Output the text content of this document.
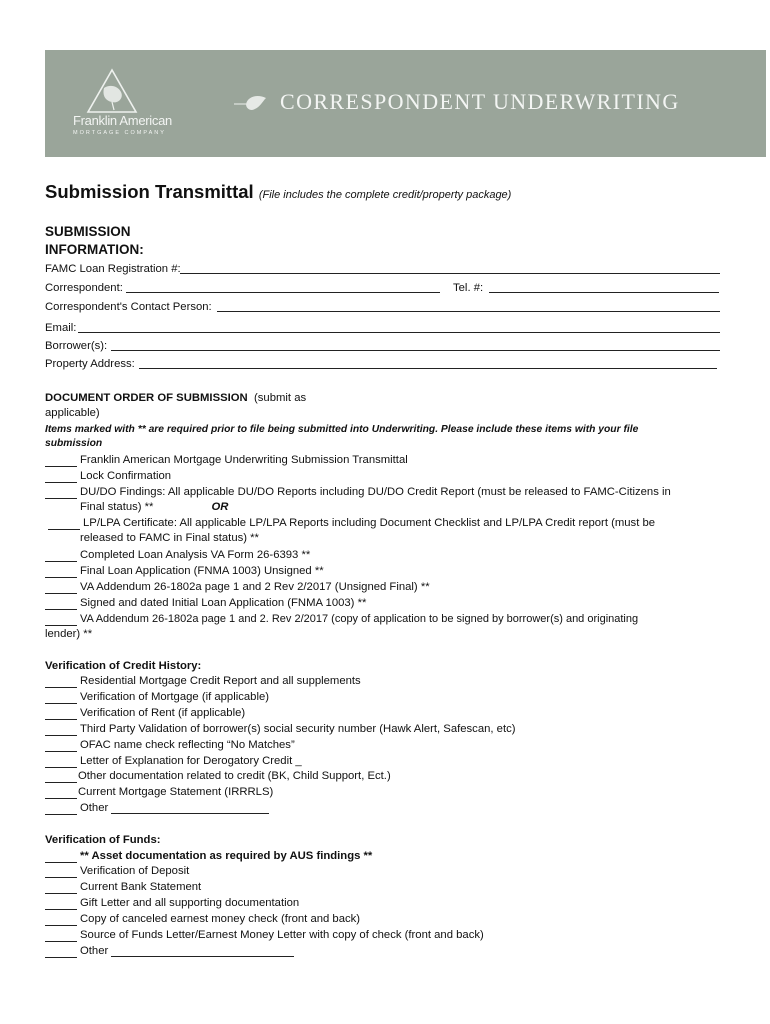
Franklin American
MORTGAGE COMPANY
CORRESPONDENT UNDERWRITING
Submission Transmittal (File includes the complete credit/property package)
SUBMISSION
INFORMATION:
FAMC Loan Registration #:
Correspondent:	Tel. #:
Correspondent's Contact Person:
Email:
Borrower(s):
Property Address:
DOCUMENT ORDER OF SUBMISSION (submit as
applicable)
Items marked with ** are required prior to file being submitted into Underwriting. Please include these items with your file
submission
Franklin American Mortgage Underwriting Submission Transmittal
Lock Confirmation
DU/DO Findings: All applicable DU/DO Reports including DU/DO Credit Report (must be released to FAMC-Citizens in
Final status) **	OR
LP/LPA Certificate: All applicable LP/LPA Reports including Document Checklist and LP/LPA Credit report (must be
released to FAMC in Final status) **
Completed Loan Analysis VA Form 26-6393 **
Final Loan Application (FNMA 1003) Unsigned **
VA Addendum 26-1802a page 1 and 2 Rev 2/2017 (Unsigned Final) **
Signed and dated Initial Loan Application (FNMA 1003) **
VA Addendum 26-1802a page 1 and 2. Rev 2/2017 (copy of application to be signed by borrower(s) and originating
lender) **
Verification of Credit History:
Residential Mortgage Credit Report and all supplements
Verification of Mortgage (if applicable)
Verification of Rent (if applicable)
Third Party Validation of borrower(s) social security number (Hawk Alert, Safescan, etc)
OFAC name check reflecting “No Matches”
Letter of Explanation for Derogatory Credit _
Other documentation related to credit (BK, Child Support, Ect.)
Current Mortgage Statement (IRRRLS)
Other
Verification of Funds:
** Asset documentation as required by AUS findings **
Verification of Deposit
Current Bank Statement
Gift Letter and all supporting documentation
Copy of canceled earnest money check (front and back)
Source of Funds Letter/Earnest Money Letter with copy of check (front and back)
Other
